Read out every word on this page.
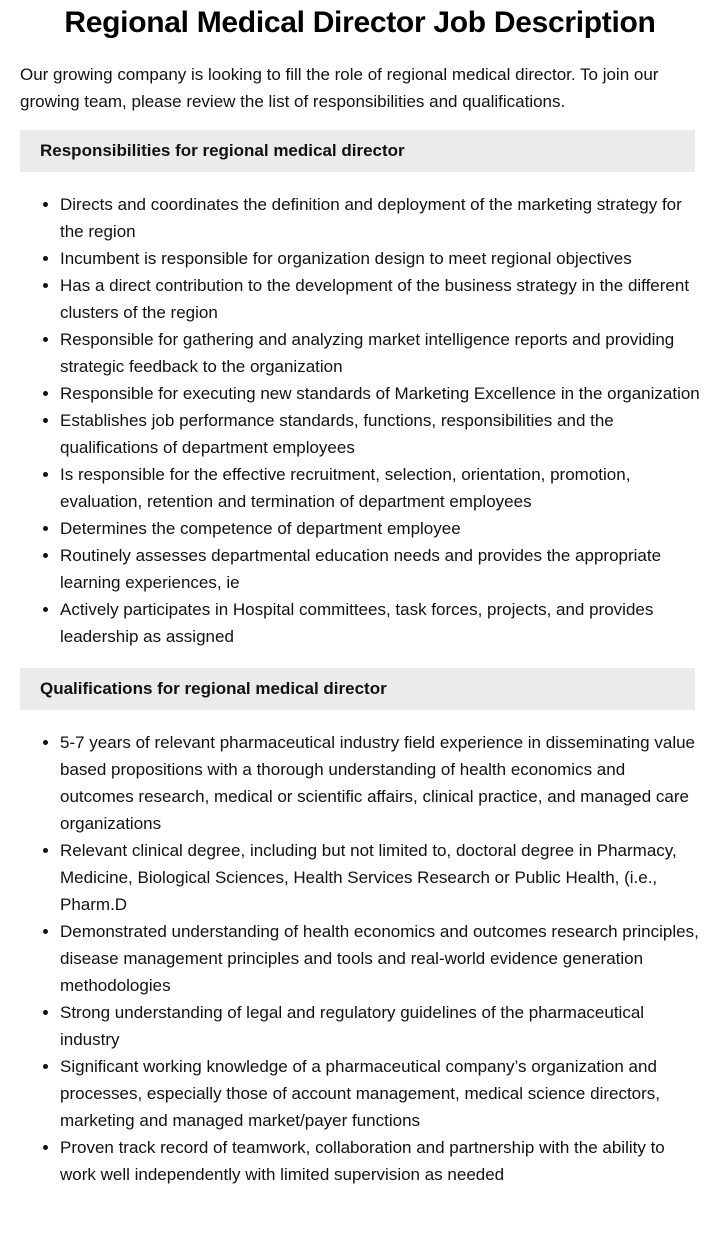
Regional Medical Director Job Description

Our growing company is looking to fill the role of regional medical director. To join our growing team, please review the list of responsibilities and qualifications.

Responsibilities for regional medical director
• Directs and coordinates the definition and deployment of the marketing strategy for the region
• Incumbent is responsible for organization design to meet regional objectives
• Has a direct contribution to the development of the business strategy in the different clusters of the region
• Responsible for gathering and analyzing market intelligence reports and providing strategic feedback to the organization
• Responsible for executing new standards of Marketing Excellence in the organization
• Establishes job performance standards, functions, responsibilities and the qualifications of department employees
• Is responsible for the effective recruitment, selection, orientation, promotion, evaluation, retention and termination of department employees
• Determines the competence of department employee
• Routinely assesses departmental education needs and provides the appropriate learning experiences, ie
• Actively participates in Hospital committees, task forces, projects, and provides leadership as assigned
Qualifications for regional medical director
• 5-7 years of relevant pharmaceutical industry field experience in disseminating value based propositions with a thorough understanding of health economics and outcomes research, medical or scientific affairs, clinical practice, and managed care organizations
• Relevant clinical degree, including but not limited to, doctoral degree in Pharmacy, Medicine, Biological Sciences, Health Services Research or Public Health, (i.e., Pharm.D
• Demonstrated understanding of health economics and outcomes research principles, disease management principles and tools and real-world evidence generation methodologies
• Strong understanding of legal and regulatory guidelines of the pharmaceutical industry
• Significant working knowledge of a pharmaceutical company’s organization and processes, especially those of account management, medical science directors, marketing and managed market/payer functions
• Proven track record of teamwork, collaboration and partnership with the ability to work well independently with limited supervision as needed
